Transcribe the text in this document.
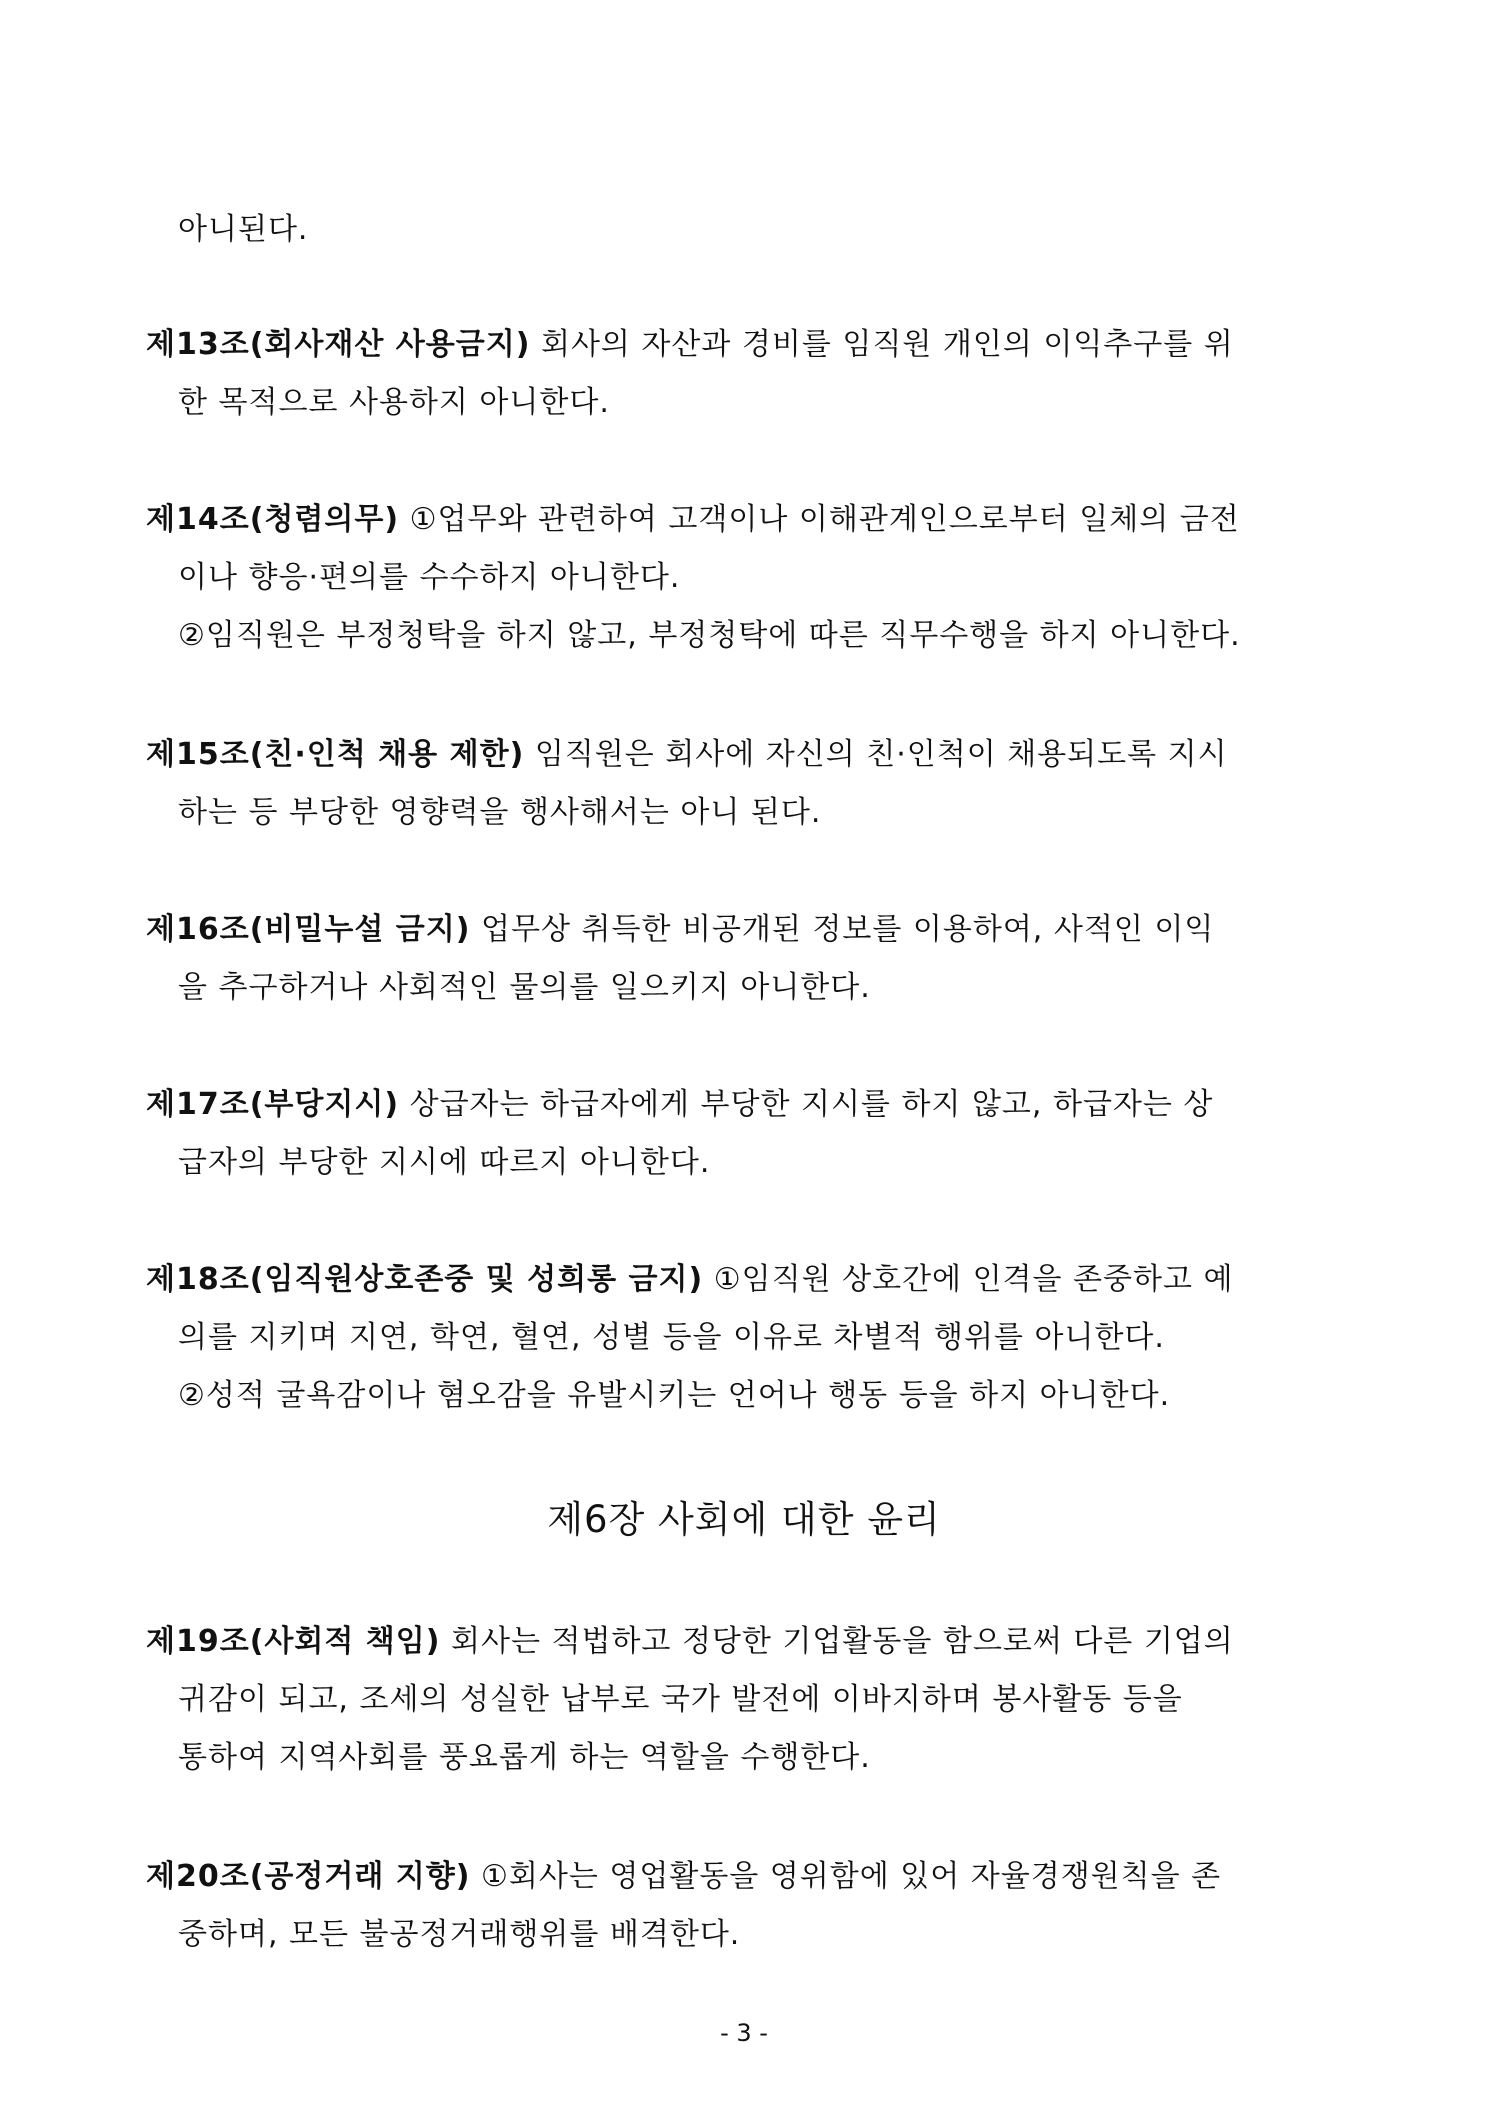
아니된다.
제13조(회사재산 사용금지) 회사의 자산과 경비를 임직원 개인의 이익추구를 위
한 목적으로 사용하지 아니한다.
제14조(청렴의무) ①업무와 관련하여 고객이나 이해관계인으로부터 일체의 금전
이나 향응·편의를 수수하지 아니한다.
②임직원은 부정청탁을 하지 않고, 부정청탁에 따른 직무수행을 하지 아니한다.
제15조(친·인척 채용 제한) 임직원은 회사에 자신의 친·인척이 채용되도록 지시
하는 등 부당한 영향력을 행사해서는 아니 된다.
제16조(비밀누설 금지) 업무상 취득한 비공개된 정보를 이용하여, 사적인 이익
을 추구하거나 사회적인 물의를 일으키지 아니한다.
제17조(부당지시) 상급자는 하급자에게 부당한 지시를 하지 않고, 하급자는 상
급자의 부당한 지시에 따르지 아니한다.
제18조(임직원상호존중 및 성희롱 금지) ①임직원 상호간에 인격을 존중하고 예
의를 지키며 지연, 학연, 혈연, 성별 등을 이유로 차별적 행위를 아니한다.
②성적 굴욕감이나 혐오감을 유발시키는 언어나 행동 등을 하지 아니한다.
제6장 사회에 대한 윤리
제19조(사회적 책임) 회사는 적법하고 정당한 기업활동을 함으로써 다른 기업의
귀감이 되고, 조세의 성실한 납부로 국가 발전에 이바지하며 봉사활동 등을
통하여 지역사회를 풍요롭게 하는 역할을 수행한다.
제20조(공정거래 지향) ①회사는 영업활동을 영위함에 있어 자율경쟁원칙을 존
중하며, 모든 불공정거래행위를 배격한다.
- 3 -
